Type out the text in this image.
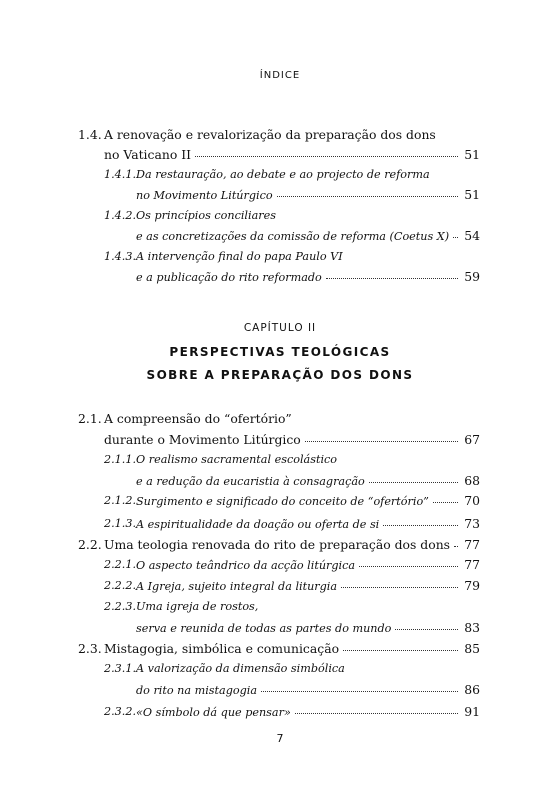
ÍNDICE
1.4. A renovação e revalorização da preparação dos dons
no Vaticano II	51
1.4.1. Da restauração, ao debate e ao projecto de reforma
no Movimento Litúrgico	51
1.4.2. Os princípios conciliares
e as concretizações da comissão de reforma (Coetus X) 54
1.4.3. A intervenção final do papa Paulo VI
e a publicação do rito reformado	59
2.1. A compreensão do “ofertório”
durante o Movimento Litúrgico	67
2.1.1. O realismo sacramental escolástico
e a redução da eucaristia à consagração	68
2.1.2. Surgimento e significado do conceito de “ofertório”	70
2.1.3. A espiritualidade da doação ou oferta de si	73
2.2. Uma teologia renovada do rito de preparação dos dons 77
2.2.1. O aspecto teândrico da acção litúrgica	77
2.2.2. A Igreja, sujeito integral da liturgia	79
2.2.3. Uma igreja de rostos,
serva e reunida de todas as partes do mundo	83
2.3. Mistagogia, simbólica e comunicação	85
2.3.1. A valorização da dimensão simbólica
do rito na mistagogia	86
2.3.2. «O símbolo dá que pensar»	91
CAPÍTULO II
PERSPECTIVAS TEOLÓGICAS
SOBRE A PREPARAÇÃO DOS DONS
7
